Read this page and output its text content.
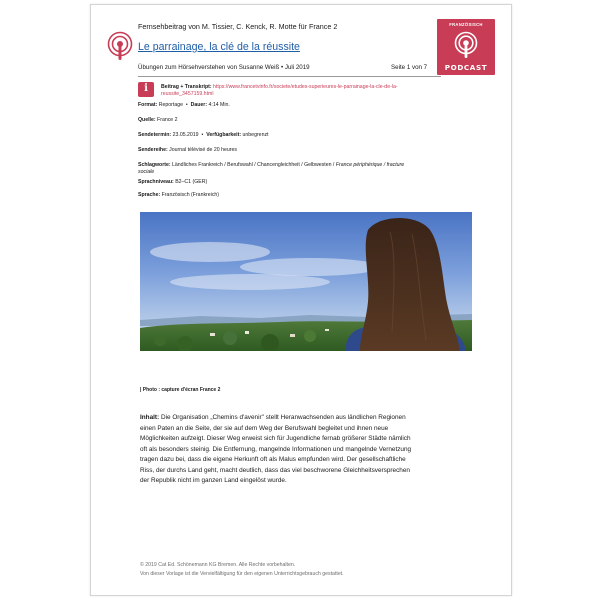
Fernsehbeitrag von M. Tissier, C. Kenck, R. Motte für France 2
Le parrainage, la clé de la réussite
Übungen zum Hörsehverstehen von Susanne Weiß • Juli 2019	Seite 1 von 7
FRANZÖSISCH
PODCAST
i	Beitrag + Transkript: https://www.francetvinfo.fr/societe/etudes-superieures-le-parrainage-la-cle-de-la-
reussite_3457159.html
Format: Reportage  •  Dauer: 4:14 Min.
Quelle: France 2
Sendetermin: 23.05.2019  •  Verfügbarkeit: unbegrenzt
Sendereihe: Journal télévisé de 20 heures
Schlagworte: Ländliches Frankreich / Berufswahl / Chancengleichheit / Gelbwesten / France périphérique / fracture
sociale
Sprachniveau: B2–C1 (GER)
Sprache: Französisch (Frankreich)
| Photo : capture d'écran France 2
Inhalt: Die Organisation „Chemins d'avenir" stellt Heranwachsenden aus ländlichen Regionen
einen Paten an die Seite, der sie auf dem Weg der Berufswahl begleitet und ihnen neue
Möglichkeiten aufzeigt. Dieser Weg erweist sich für Jugendliche fernab größerer Städte nämlich
oft als besonders steinig. Die Entfernung, mangelnde Informationen und mangelnde Vernetzung
tragen dazu bei, dass die eigene Herkunft oft als Malus empfunden wird. Der gesellschaftliche
Riss, der durchs Land geht, macht deutlich, dass das viel beschworene Gleichheitsversprechen
der Republik nicht im ganzen Land eingelöst wurde.
© 2019 Cat Ed. Schönemann KG Bremen. Alle Rechte vorbehalten.
Von dieser Vorlage ist die Vervielfältigung für den eigenen Unterrichtsgebrauch gestattet.
